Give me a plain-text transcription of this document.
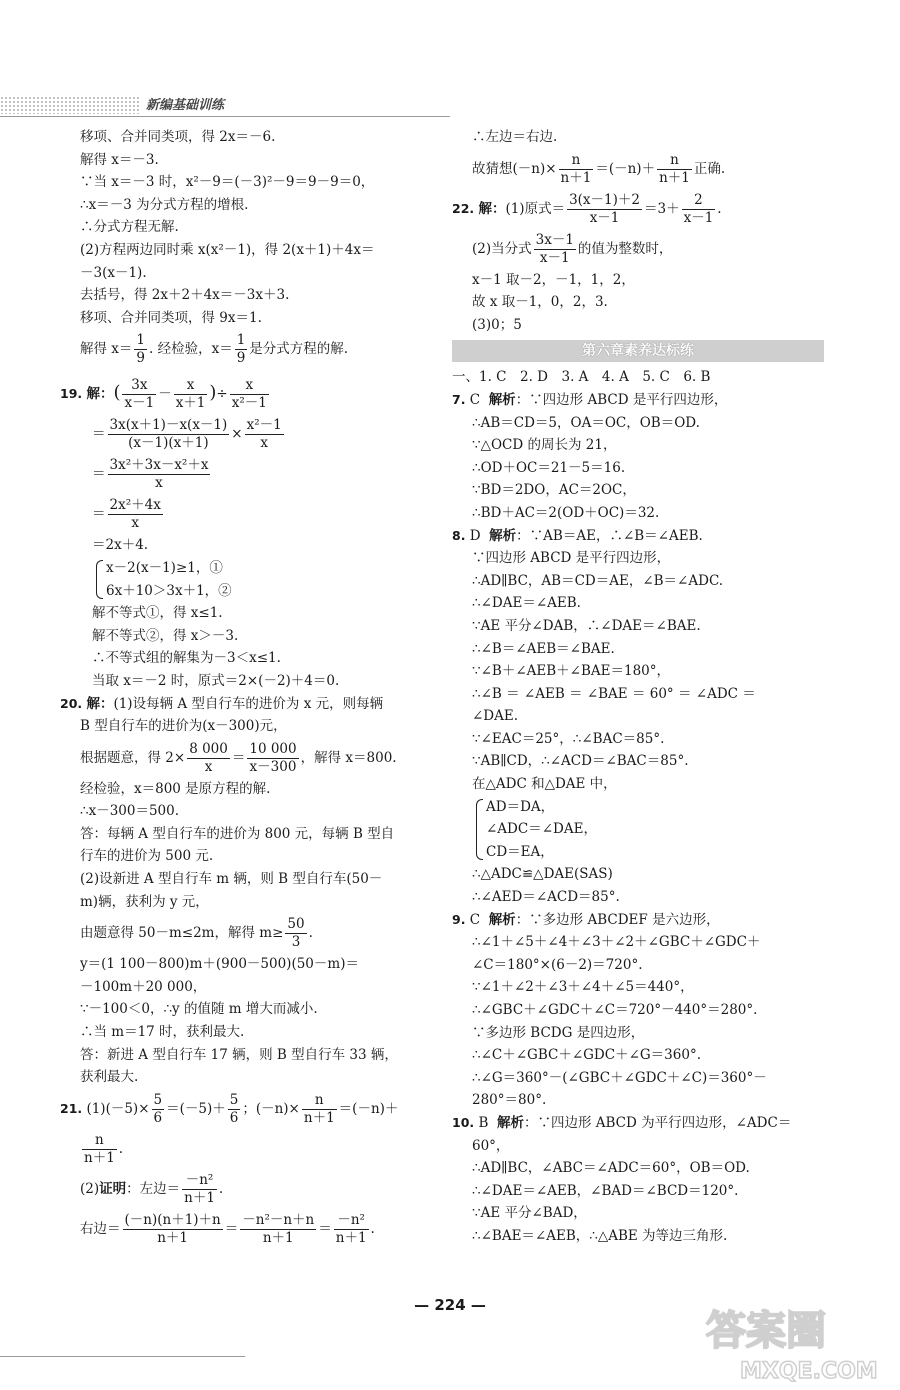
新编基础训练
移项、合并同类项，得 2x＝－6.
解得 x＝－3.
∵当 x＝－3 时，x²－9＝(－3)²－9＝9－9＝0，
∴x＝－3 为分式方程的增根.
∴分式方程无解.
(2)方程两边同时乘 x(x²－1)，得 2(x＋1)＋4x＝
－3(x－1).
去括号，得 2x＋2＋4x＝－3x＋3.
移项、合并同类项，得 9x＝1.
解得 $x= \frac{1}{9}$ . 经检验，$x= \frac{1}{9}$ 是分式方程的解.
19. 解：( $\frac{3x}{x-1} - \frac{x}{x+1}$ )÷ $\frac{x}{\text{x²－1}}$
＝ $\frac{3x(x+1)-x(x-1)}{(x-1)(x+1)} \times \frac{\text{x²－1}}{x}$
＝ $\frac{\text{3x²＋3x－x²＋x}}{x}$
＝ $\frac{\text{2x²＋4x}}{x}$
＝2x＋4.
x－2(x－1)≥1，①
6x＋10＞3x＋1，②
解不等式①，得 x≤1.
解不等式②，得 x＞－3.
∴不等式组的解集为－3＜x≤1.
当取 x＝－2 时，原式＝2×(－2)＋4＝0.
20. 解：(1)设每辆 A 型自行车的进价为 x 元，则每辆
B 型自行车的进价为(x－300)元，
根据题意，得 $2\times \frac{8 000}{x} = \frac{10 000}{x-300}$ ，解得 x＝800.
经检验，x＝800 是原方程的解.
∴x－300＝500.
答：每辆 A 型自行车的进价为 800 元，每辆 B 型自
行车的进价为 500 元.
(2)设新进 A 型自行车 m 辆，则 B 型自行车(50－
m)辆，获利为 y 元，
由题意得 50－m≤2m，解得 $m\ge \frac{50}{3}$ .
y＝(1 100－800)m＋(900－500)(50－m)＝
－100m＋20 000，
∵－100＜0，∴y 的值随 m 增大而减小.
∴当 m＝17 时，获利最大.
答：新进 A 型自行车 17 辆，则 B 型自行车 33 辆，
获利最大.
21. $(1)(-5)\times \frac{5}{6} =(-5)+ \frac{5}{6}$ ；$(-n)\times \frac{n}{n+1} =(-n)+$
$\frac{n}{n+1}$ .
(2)证明：左边＝ $\frac{\text{－n²}}{n+1}$ .
右边＝ $\frac{(-n)(n+1)+n}{n+1} = \frac{\text{－n²－n＋n}}{n+1} = \frac{\text{－n²}}{n+1}$ .
∴左边＝右边.
故猜想$(-n)\times \frac{n}{n+1} =(-n)+ \frac{n}{n+1}$ 正确.
22. 解：(1)原式＝ $\frac{3(x-1)+2}{x-1} =3+ \frac{2}{x-1}$ .
(2)当分式 $\frac{3x-1}{x-1}$ 的值为整数时，
x－1 取－2，－1，1，2，
故 x 取－1，0，2，3.
(3)0；5
第六章素养达标练
一、1. C　2. D　3. A　4. A　5. C　6. B
7. C 解析：∵四边形 ABCD 是平行四边形，
∴AB＝CD＝5，OA＝OC，OB＝OD.
∵△OCD 的周长为 21，
∴OD＋OC＝21－5＝16.
∵BD＝2DO，AC＝2OC，
∴BD＋AC＝2(OD＋OC)＝32.
8. D 解析：∵AB＝AE，∴∠B＝∠AEB.
∵四边形 ABCD 是平行四边形，
∴AD∥BC，AB＝CD＝AE，∠B＝∠ADC.
∴∠DAE＝∠AEB.
∵AE 平分∠DAB，∴∠DAE＝∠BAE.
∴∠B＝∠AEB＝∠BAE.
∵∠B＋∠AEB＋∠BAE＝180°，
∴∠B ＝ ∠AEB ＝ ∠BAE ＝ 60° ＝ ∠ADC ＝
∠DAE.
∵∠EAC＝25°，∴∠BAC＝85°.
∵AB∥CD，∴∠ACD＝∠BAC＝85°.
在△ADC 和△DAE 中，
AD＝DA，
∠ADC＝∠DAE，
CD＝EA，
∴△ADC≌△DAE(SAS)
∴∠AED＝∠ACD＝85°.
9. C 解析：∵多边形 ABCDEF 是六边形，
∴∠1＋∠5＋∠4＋∠3＋∠2＋∠GBC＋∠GDC＋
∠C＝180°×(6－2)＝720°.
∵∠1＋∠2＋∠3＋∠4＋∠5＝440°，
∴∠GBC＋∠GDC＋∠C＝720°－440°＝280°.
∵多边形 BCDG 是四边形，
∴∠C＋∠GBC＋∠GDC＋∠G＝360°.
∴∠G＝360°－(∠GBC＋∠GDC＋∠C)＝360°－
280°＝80°.
10. B 解析：∵四边形 ABCD 为平行四边形，∠ADC＝
60°，
∴AD∥BC，∠ABC＝∠ADC＝60°，OB＝OD.
∴∠DAE＝∠AEB，∠BAD＝∠BCD＝120°.
∵AE 平分∠BAD，
∴∠BAE＝∠AEB，∴△ABE 为等边三角形.
— 224 —
答案圈
MXQE.COM
